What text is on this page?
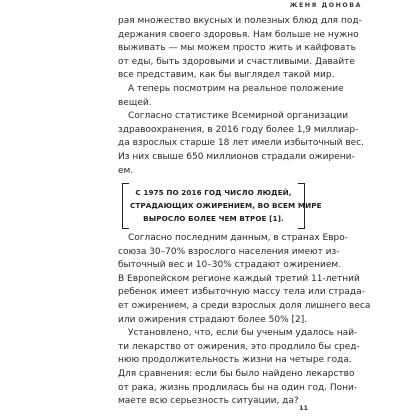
ЖЕНЯ ДОНОВА
рая множество вкусных и полезных блюд для под-
держания своего здоровья. Нам больше не нужно
выживать — мы можем просто жить и кайфовать
от еды, быть здоровыми и счастливыми. Давайте
все представим, как бы выглядел такой мир.
А теперь посмотрим на реальное положение
вещей.
Согласно статистике Всемирной организации
здравоохранения, в 2016 году более 1,9 миллиар-
да взрослых старше 18 лет имели избыточный вес.
Из них свыше 650 миллионов страдали ожирени-
ем.
С 1975 ПО 2016 ГОД ЧИСЛО ЛЮДЕЙ,
СТРАДАЮЩИХ ОЖИРЕНИЕМ, ВО ВСЕМ МИРЕ
ВЫРОСЛО БОЛЕЕ ЧЕМ ВТРОЕ [1].
Согласно последним данным, в странах Евро-
союза 30–70% взрослого населения имеют из-
быточный вес и 10–30% страдают ожирением.
В Европейском регионе каждый третий 11-летний
ребенок имеет избыточную массу тела или страда-
ет ожирением, а среди взрослых доля лишнего веса
или ожирения страдают более 50% [2].
Установлено, что, если бы ученым удалось най-
ти лекарство от ожирения, это продлило бы сред-
нюю продолжительность жизни на четыре года.
Для сравнения: если бы было найдено лекарство
от рака, жизнь продлилась бы на один год. Пони-
маете всю серьезность ситуации, да?
11
